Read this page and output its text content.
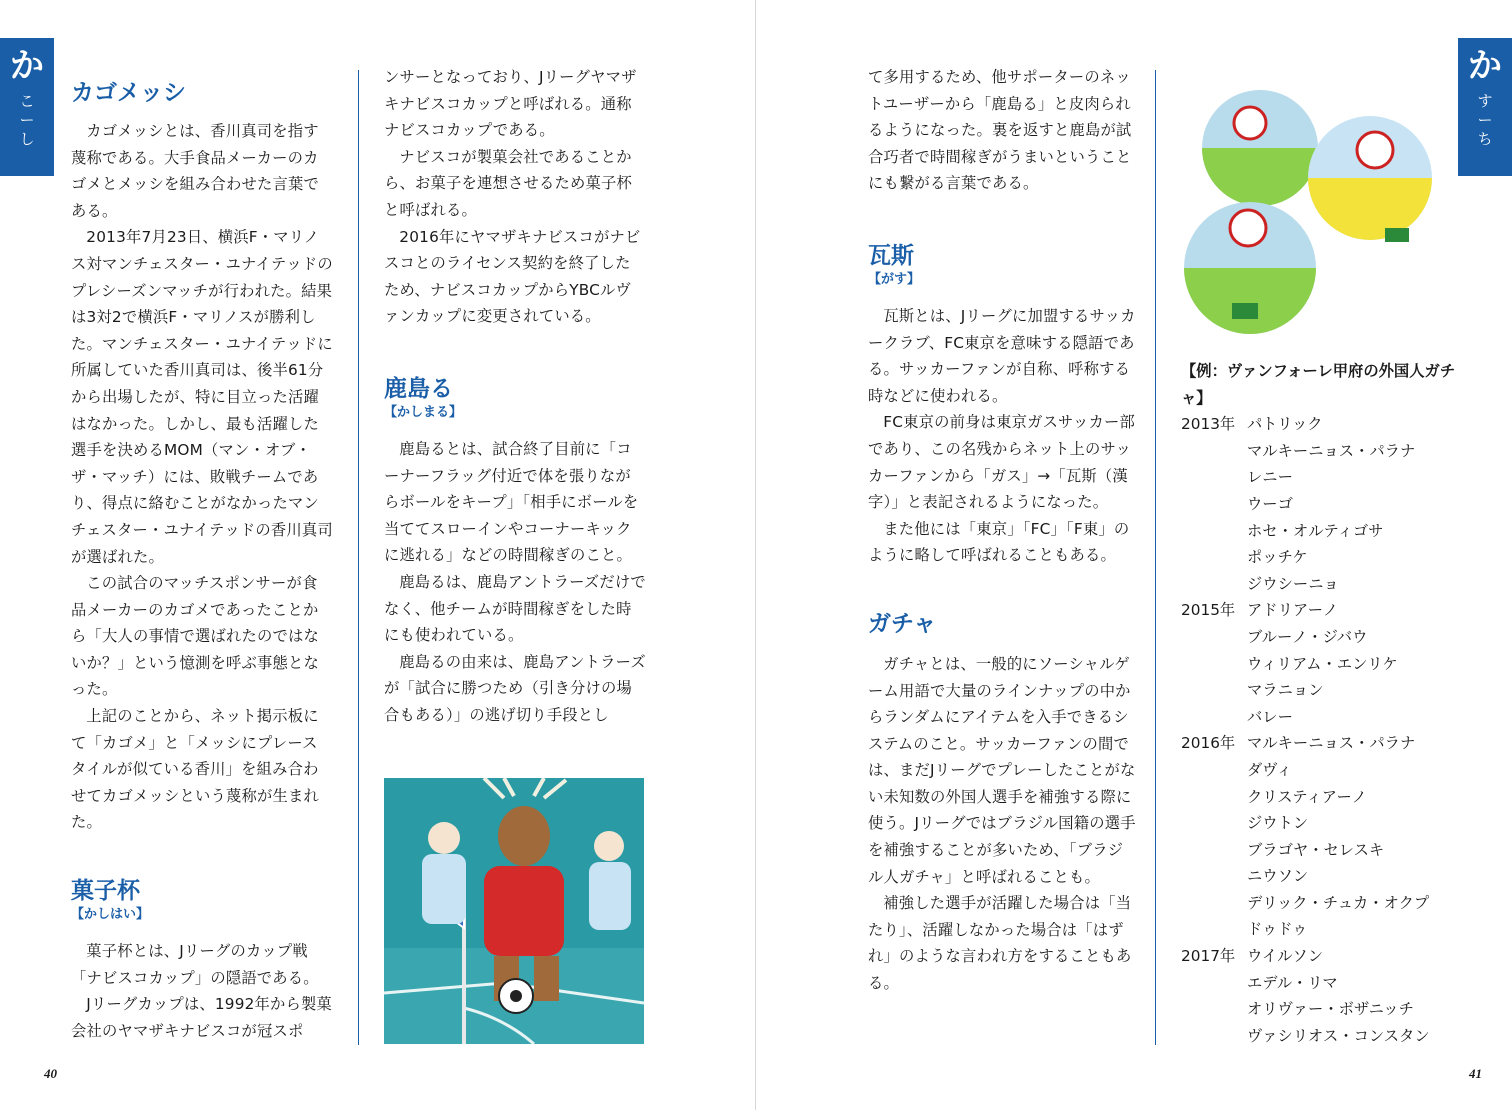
か
こーし
か
すーち
カゴメッシ

カゴメッシとは、香川真司を指す蔑称である。大手食品メーカーのカゴメとメッシを組み合わせた言葉である。

2013年7月23日、横浜F・マリノス対マンチェスター・ユナイテッドのプレシーズンマッチが行われた。結果は3対2で横浜F・マリノスが勝利した。マンチェスター・ユナイテッドに所属していた香川真司は、後半61分から出場したが、特に目立った活躍はなかった。しかし、最も活躍した選手を決めるMOM（マン・オブ・ザ・マッチ）には、敗戦チームであり、得点に絡むことがなかったマンチェスター・ユナイテッドの香川真司が選ばれた。

この試合のマッチスポンサーが食品メーカーのカゴメであったことから「大人の事情で選ばれたのではないか？」という憶測を呼ぶ事態となった。

上記のことから、ネット掲示板にて「カゴメ」と「メッシにプレースタイルが似ている香川」を組み合わせてカゴメッシという蔑称が生まれた。

菓子杯

【かしはい】

菓子杯とは、Jリーグのカップ戦「ナビスコカップ」の隠語である。

Jリーグカップは、1992年から製菓会社のヤマザキナビスコが冠スポ

ンサーとなっており、Jリーグヤマザキナビスコカップと呼ばれる。通称ナビスコカップである。

ナビスコが製菓会社であることから、お菓子を連想させるため菓子杯と呼ばれる。

2016年にヤマザキナビスコがナビスコとのライセンス契約を終了したため、ナビスコカップからYBCルヴァンカップに変更されている。

鹿島る

【かしまる】

鹿島るとは、試合終了目前に「コーナーフラッグ付近で体を張りながらボールをキープ」「相手にボールを当ててスローインやコーナーキックに逃れる」などの時間稼ぎのこと。

鹿島るは、鹿島アントラーズだけでなく、他チームが時間稼ぎをした時にも使われている。

鹿島るの由来は、鹿島アントラーズが「試合に勝つため（引き分けの場合もある）」の逃げ切り手段とし

て多用するため、他サポーターのネットユーザーから「鹿島る」と皮肉られるようになった。裏を返すと鹿島が試合巧者で時間稼ぎがうまいということにも繋がる言葉である。

瓦斯

【がす】

瓦斯とは、Jリーグに加盟するサッカークラブ、FC東京を意味する隠語である。サッカーファンが自称、呼称する時などに使われる。

FC東京の前身は東京ガスサッカー部であり、この名残からネット上のサッカーファンから「ガス」→「瓦斯（漢字）」と表記されるようになった。

また他には「東京」「FC」「F東」のように略して呼ばれることもある。

ガチャ

ガチャとは、一般的にソーシャルゲーム用語で大量のラインナップの中からランダムにアイテムを入手できるシステムのこと。サッカーファンの間では、まだJリーグでプレーしたことがない未知数の外国人選手を補強する際に使う。Jリーグではブラジル国籍の選手を補強することが多いため、「ブラジル人ガチャ」と呼ばれることも。

補強した選手が活躍した場合は「当たり」、活躍しなかった場合は「はずれ」のような言われ方をすることもある。

【例：ヴァンフォーレ甲府の外国人ガチャ】

2013年	パトリック
	マルキーニョス・パラナ
	レニー
	ウーゴ
	ホセ・オルティゴサ
	ポッチケ
	ジウシーニョ
2015年	アドリアーノ
	ブルーノ・ジバウ
	ウィリアム・エンリケ
	マラニョン
	バレー
2016年	マルキーニョス・パラナ
	ダヴィ
	クリスティアーノ
	ジウトン
	ブラゴヤ・セレスキ
	ニウソン
	デリック・チュカ・オクプ
	ドゥドゥ
2017年	ウイルソン
	エデル・リマ
	オリヴァー・ボザニッチ
	ヴァシリオス・コンスタン
40	41
